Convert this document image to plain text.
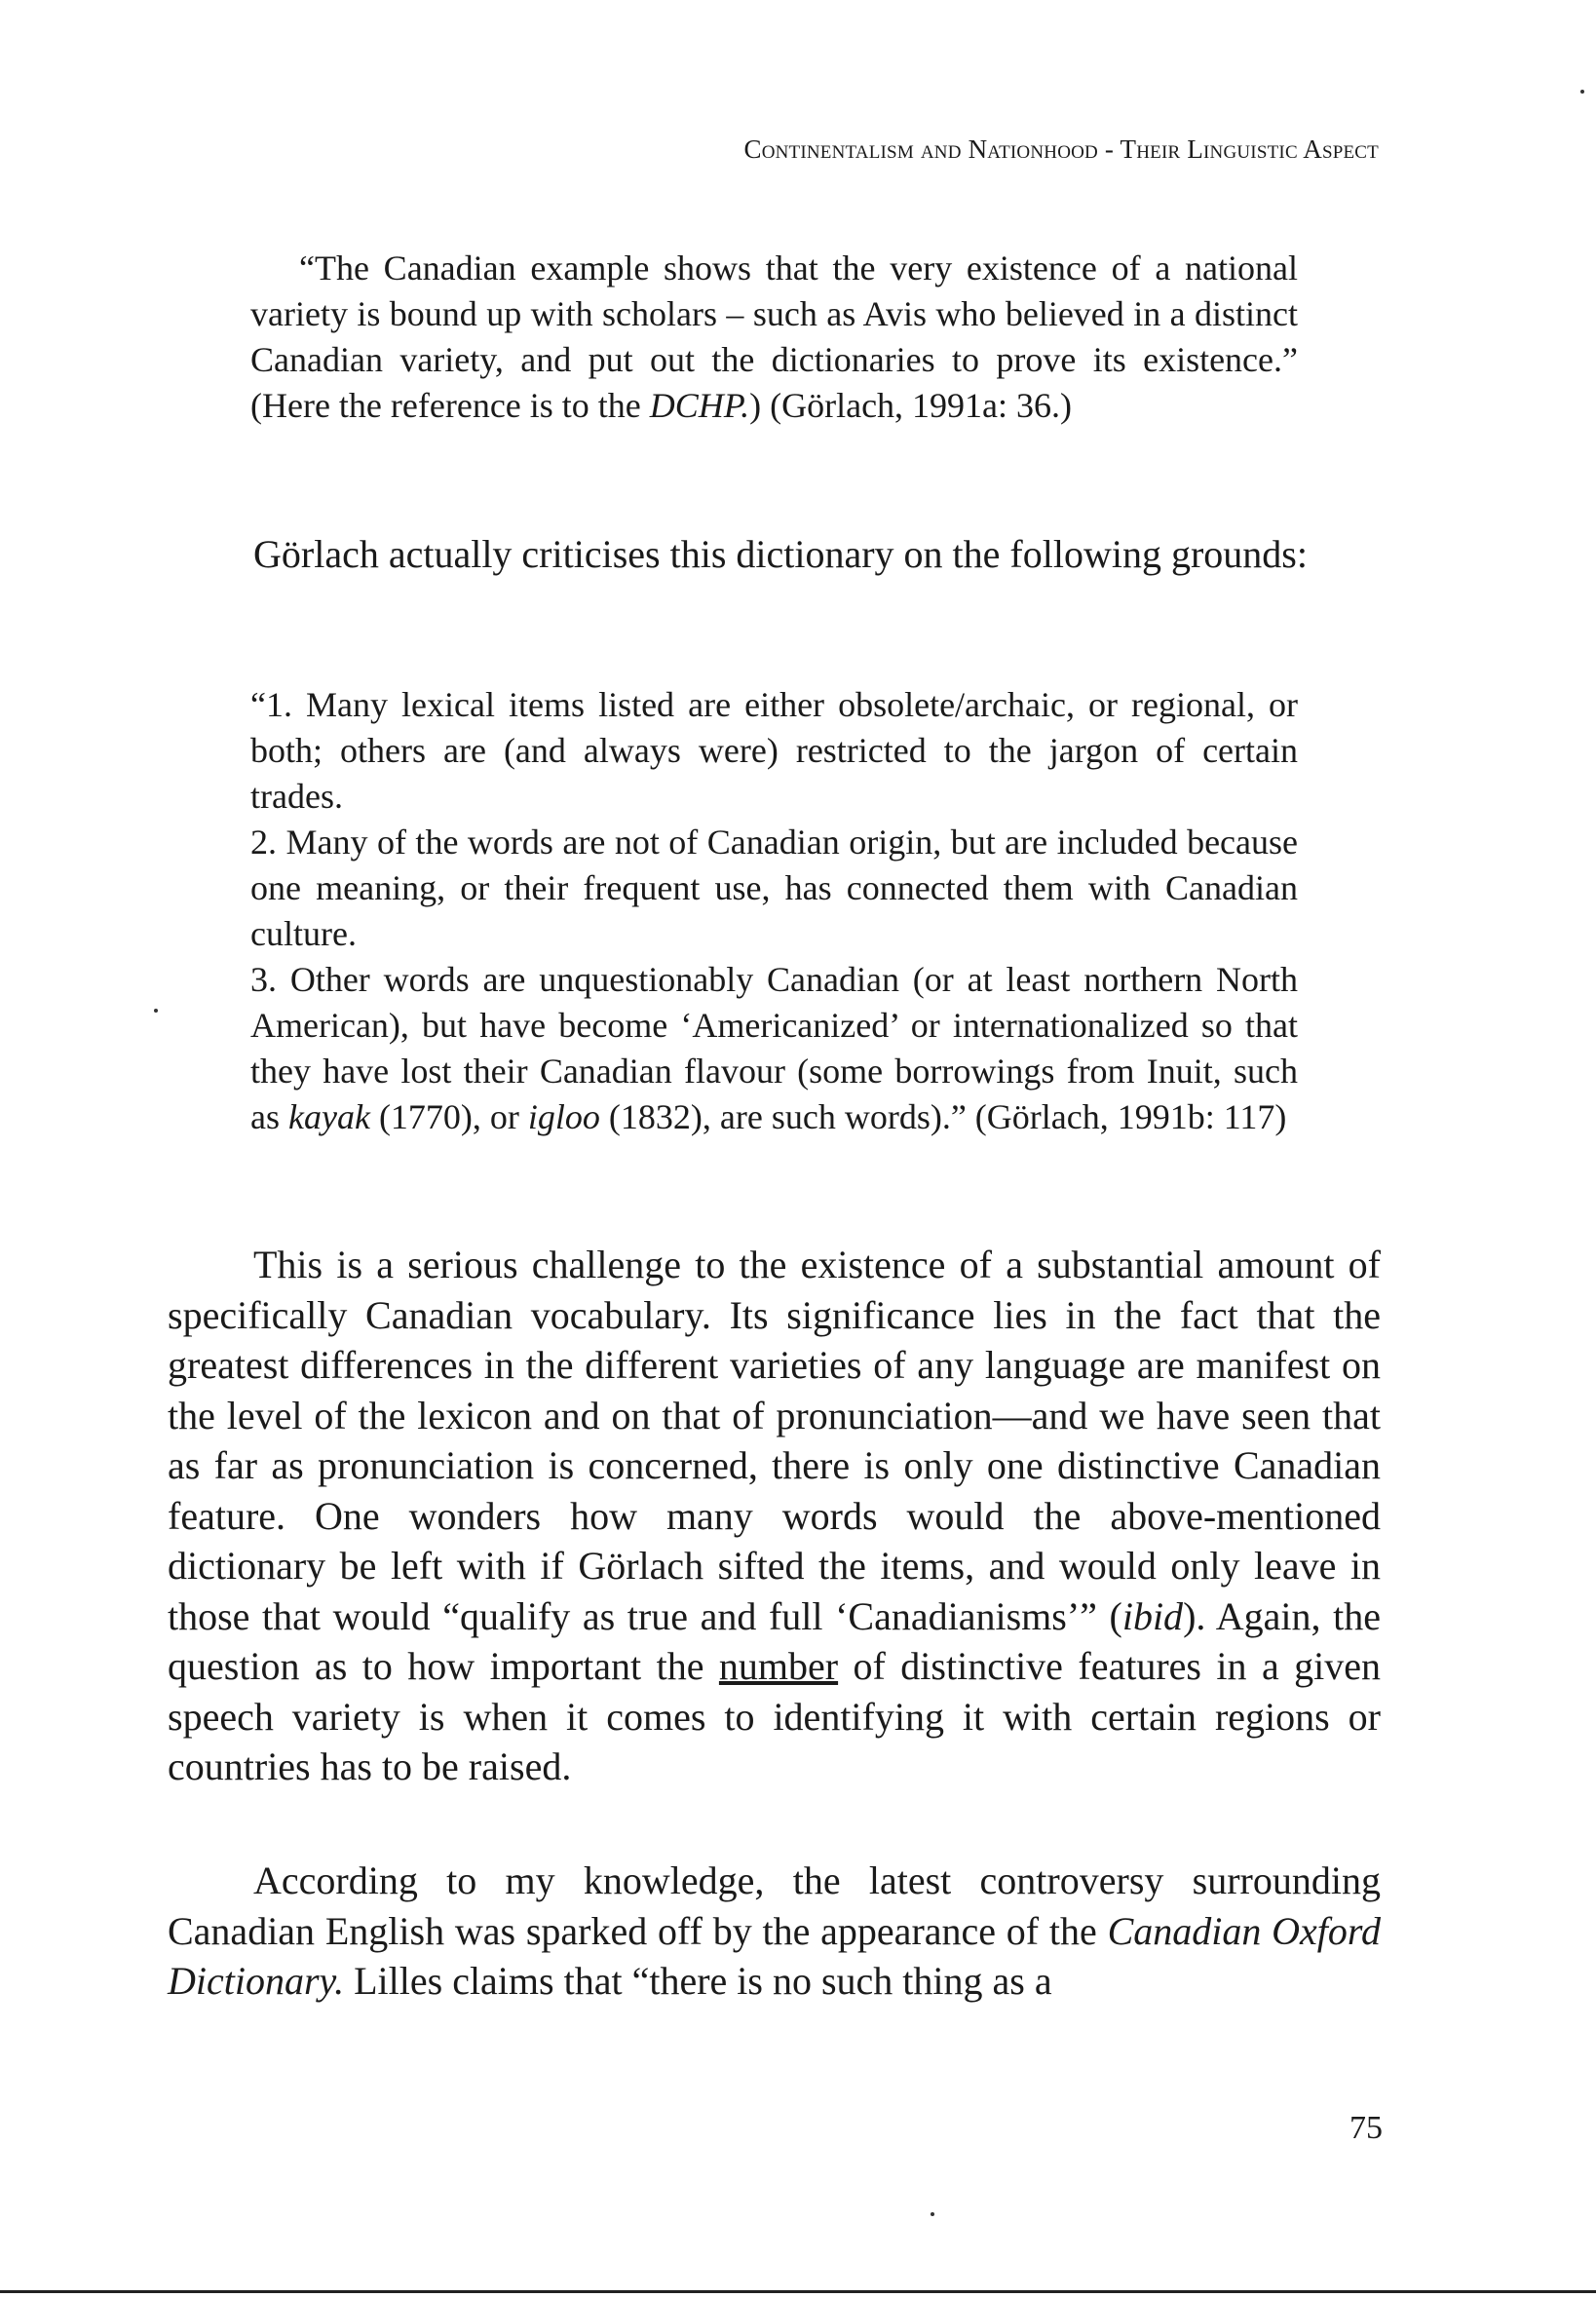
Continentalism and Nationhood - Their Linguistic Aspect

“The Canadian example shows that the very existence of a national variety is bound up with scholars – such as Avis who believed in a distinct Canadian variety, and put out the dictionaries to prove its existence.” (Here the reference is to the DCHP.) (Görlach, 1991a: 36.)

Görlach actually criticises this dictionary on the following grounds:

“1. Many lexical items listed are either obsolete/archaic, or regional, or both; others are (and always were) restricted to the jargon of certain trades.

2. Many of the words are not of Canadian origin, but are included because one meaning, or their frequent use, has connected them with Canadian culture.

3. Other words are unquestionably Canadian (or at least northern North American), but have become ‘Americanized’ or internationalized so that they have lost their Canadian flavour (some borrowings from Inuit, such as kayak (1770), or igloo (1832), are such words).” (Görlach, 1991b: 117)

This is a serious challenge to the existence of a substantial amount of specifically Canadian vocabulary. Its significance lies in the fact that the greatest differences in the different varieties of any language are manifest on the level of the lexicon and on that of pronunciation—and we have seen that as far as pronunciation is concerned, there is only one distinctive Canadian feature. One wonders how many words would the above-mentioned dictionary be left with if Görlach sifted the items, and would only leave in those that would “qualify as true and full ‘Canadianisms’” (ibid). Again, the question as to how important the number of distinctive features in a given speech variety is when it comes to identifying it with certain regions or countries has to be raised.
According to my knowledge, the latest controversy surrounding Canadian English was sparked off by the appearance of the Canadian Oxford Dictionary. Lilles claims that “there is no such thing as a
75
